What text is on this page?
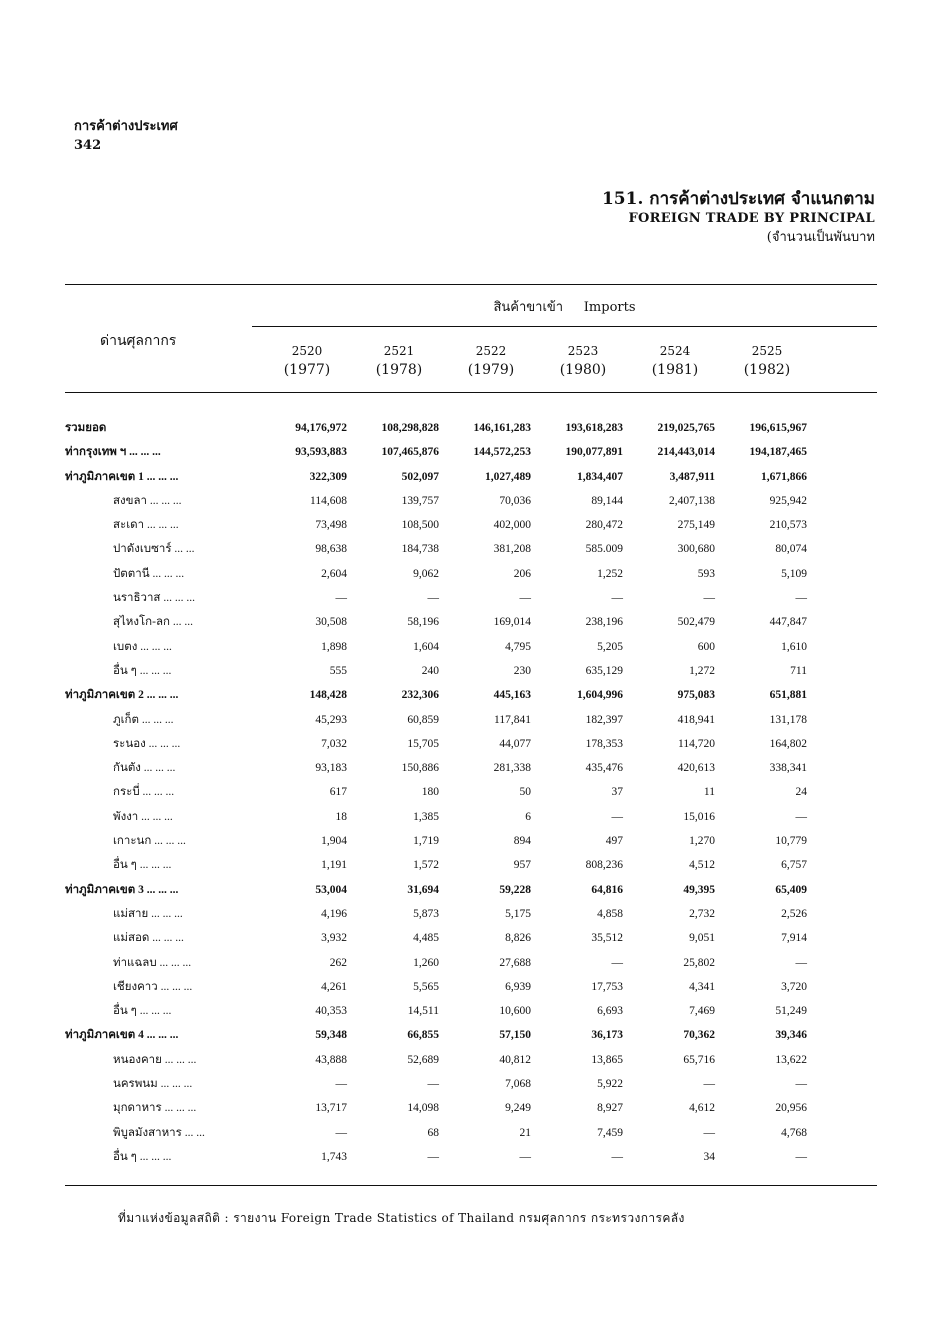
การค้าต่างประเทศ
342
151. การค้าต่างประเทศ จำแนกตาม
FOREIGN TRADE BY PRINCIPAL
(จำนวนเป็นพันบาท
สินค้าขาเข้า Imports
ด่านศุลกากร
2520
(1977)
2521
(1978)
2522
(1979)
2523
(1980)
2524
(1981)
2525
(1982)
รวมยอด	94,176,972	108,298,828	146,161,283	193,618,283	219,025,765	196,615,967
ท่ากรุงเทพ ฯ ... ... ...	93,593,883	107,465,876	144,572,253	190,077,891	214,443,014	194,187,465
ท่าภูมิภาคเขต 1 ... ... ...	322,309	502,097	1,027,489	1,834,407	3,487,911	1,671,866
สงขลา ... ... ...	114,608	139,757	70,036	89,144	2,407,138	925,942
สะเดา ... ... ...	73,498	108,500	402,000	280,472	275,149	210,573
ปาดังเบซาร์ ... ...	98,638	184,738	381,208	585.009	300,680	80,074
ปัตตานี ... ... ...	2,604	9,062	206	1,252	593	5,109
นราธิวาส ... ... ...	—	—	—	—	—	—
สุไหงโก-ลก ... ...	30,508	58,196	169,014	238,196	502,479	447,847
เบตง ... ... ...	1,898	1,604	4,795	5,205	600	1,610
อื่น ๆ ... ... ...	555	240	230	635,129	1,272	711
ท่าภูมิภาคเขต 2 ... ... ...	148,428	232,306	445,163	1,604,996	975,083	651,881
ภูเก็ต ... ... ...	45,293	60,859	117,841	182,397	418,941	131,178
ระนอง ... ... ...	7,032	15,705	44,077	178,353	114,720	164,802
กันตัง ... ... ...	93,183	150,886	281,338	435,476	420,613	338,341
กระบี่ ... ... ...	617	180	50	37	11	24
พังงา ... ... ...	18	1,385	6	—	15,016	—
เกาะนก ... ... ...	1,904	1,719	894	497	1,270	10,779
อื่น ๆ ... ... ...	1,191	1,572	957	808,236	4,512	6,757
ท่าภูมิภาคเขต 3 ... ... ...	53,004	31,694	59,228	64,816	49,395	65,409
แม่สาย ... ... ...	4,196	5,873	5,175	4,858	2,732	2,526
แม่สอด ... ... ...	3,932	4,485	8,826	35,512	9,051	7,914
ท่าแฉลบ ... ... ...	262	1,260	27,688	—	25,802	—
เชียงคาว ... ... ...	4,261	5,565	6,939	17,753	4,341	3,720
อื่น ๆ ... ... ...	40,353	14,511	10,600	6,693	7,469	51,249
ท่าภูมิภาคเขต 4 ... ... ...	59,348	66,855	57,150	36,173	70,362	39,346
หนองคาย ... ... ...	43,888	52,689	40,812	13,865	65,716	13,622
นครพนม ... ... ...	—	—	7,068	5,922	—	—
มุกดาหาร ... ... ...	13,717	14,098	9,249	8,927	4,612	20,956
พิบูลมังสาหาร ... ...	—	68	21	7,459	—	4,768
อื่น ๆ ... ... ...	1,743	—	—	—	34	—
ที่มาแห่งข้อมูลสถิติ : รายงาน Foreign Trade Statistics of Thailand กรมศุลกากร กระทรวงการคลัง
